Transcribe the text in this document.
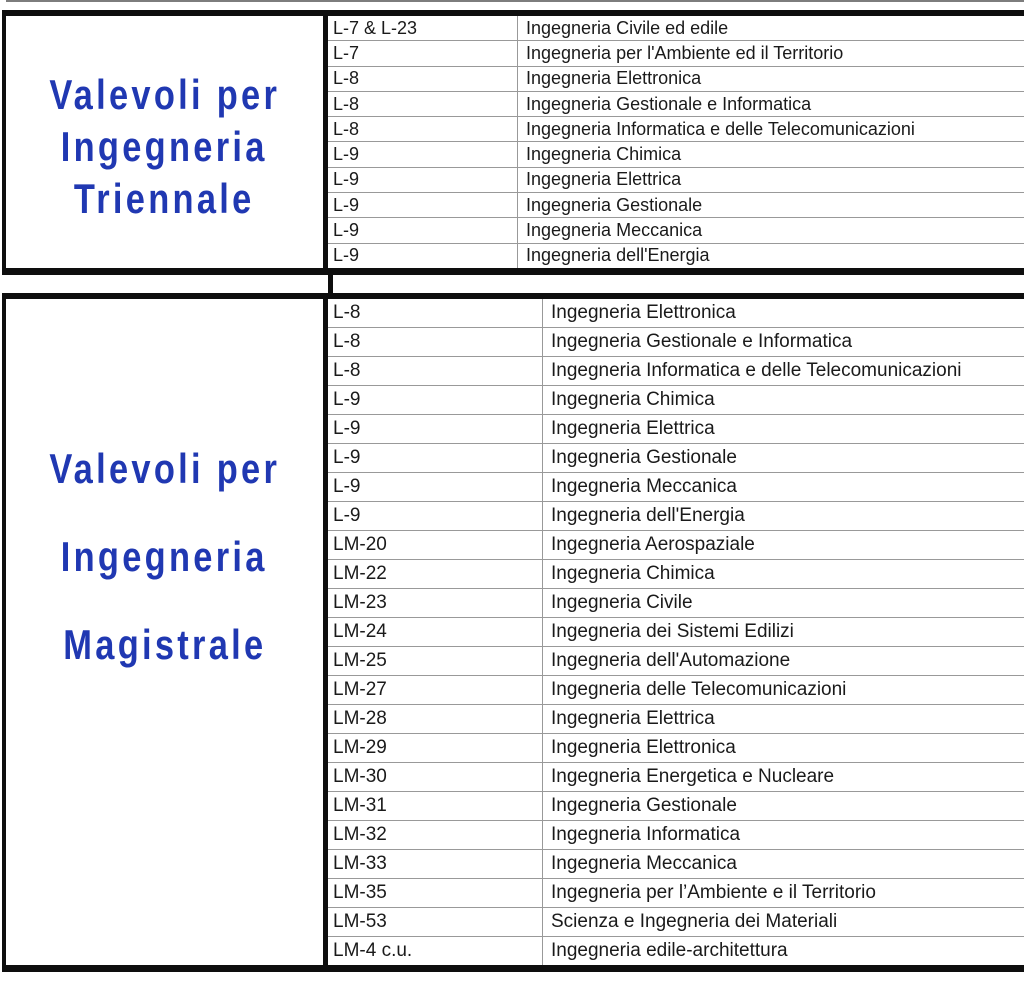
Valevoli per
Ingegneria
Triennale
L-7 & L-23	Ingegneria Civile ed edile
L-7	Ingegneria per l'Ambiente ed il Territorio
L-8	Ingegneria Elettronica
L-8	Ingegneria Gestionale e Informatica
L-8	Ingegneria Informatica e delle Telecomunicazioni
L-9	Ingegneria Chimica
L-9	Ingegneria Elettrica
L-9	Ingegneria Gestionale
L-9	Ingegneria Meccanica
L-9	Ingegneria dell'Energia
Valevoli per
Ingegneria
Magistrale
L-8	Ingegneria Elettronica
L-8	Ingegneria Gestionale e Informatica
L-8	Ingegneria Informatica e delle Telecomunicazioni
L-9	Ingegneria Chimica
L-9	Ingegneria Elettrica
L-9	Ingegneria Gestionale
L-9	Ingegneria Meccanica
L-9	Ingegneria dell'Energia
LM-20	Ingegneria Aerospaziale
LM-22	Ingegneria Chimica
LM-23	Ingegneria Civile
LM-24	Ingegneria dei Sistemi Edilizi
LM-25	Ingegneria dell'Automazione
LM-27	Ingegneria delle Telecomunicazioni
LM-28	Ingegneria Elettrica
LM-29	Ingegneria Elettronica
LM-30	Ingegneria Energetica e Nucleare
LM-31	Ingegneria Gestionale
LM-32	Ingegneria Informatica
LM-33	Ingegneria Meccanica
LM-35	Ingegneria per l’Ambiente e il Territorio
LM-53	Scienza e Ingegneria dei Materiali
LM-4 c.u.	Ingegneria edile-architettura
